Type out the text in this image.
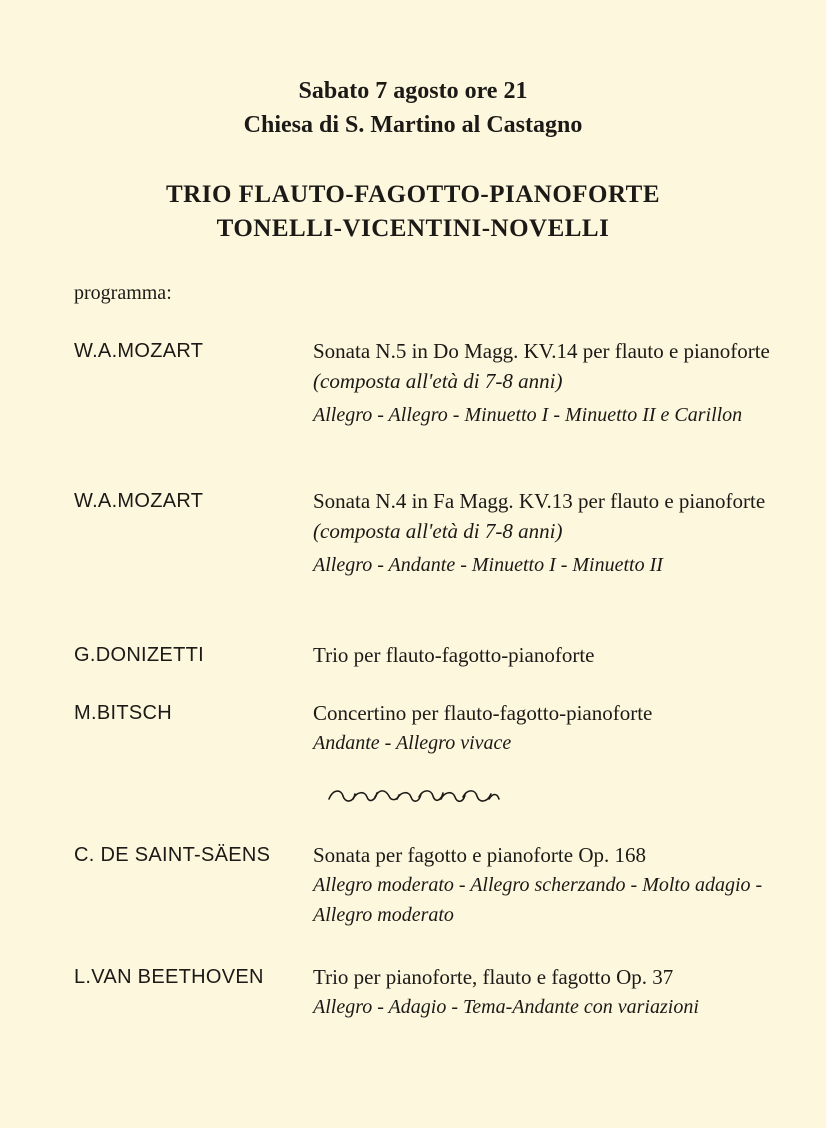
Sabato 7 agosto ore 21
Chiesa di S. Martino al Castagno
TRIO FLAUTO-FAGOTTO-PIANOFORTE
TONELLI-VICENTINI-NOVELLI
programma:
W.A.MOZART	Sonata N.5 in Do Magg. KV.14 per flauto e pianoforte (composta all'età di 7-8 anni)
Allegro - Allegro - Minuetto I - Minuetto II e Carillon
W.A.MOZART	Sonata N.4 in Fa Magg. KV.13 per flauto e pianoforte (composta all'età di 7-8 anni)
Allegro - Andante - Minuetto I - Minuetto II
G.DONIZETTI	Trio per flauto-fagotto-pianoforte
M.BITSCH	Concertino per flauto-fagotto-pianoforte
Andante - Allegro vivace
C. DE SAINT-SÄENS Sonata per fagotto e pianoforte Op. 168
Allegro moderato - Allegro scherzando - Molto adagio - Allegro moderato
L.VAN BEETHOVEN Trio per pianoforte, flauto e fagotto Op. 37
Allegro - Adagio - Tema-Andante con variazioni
